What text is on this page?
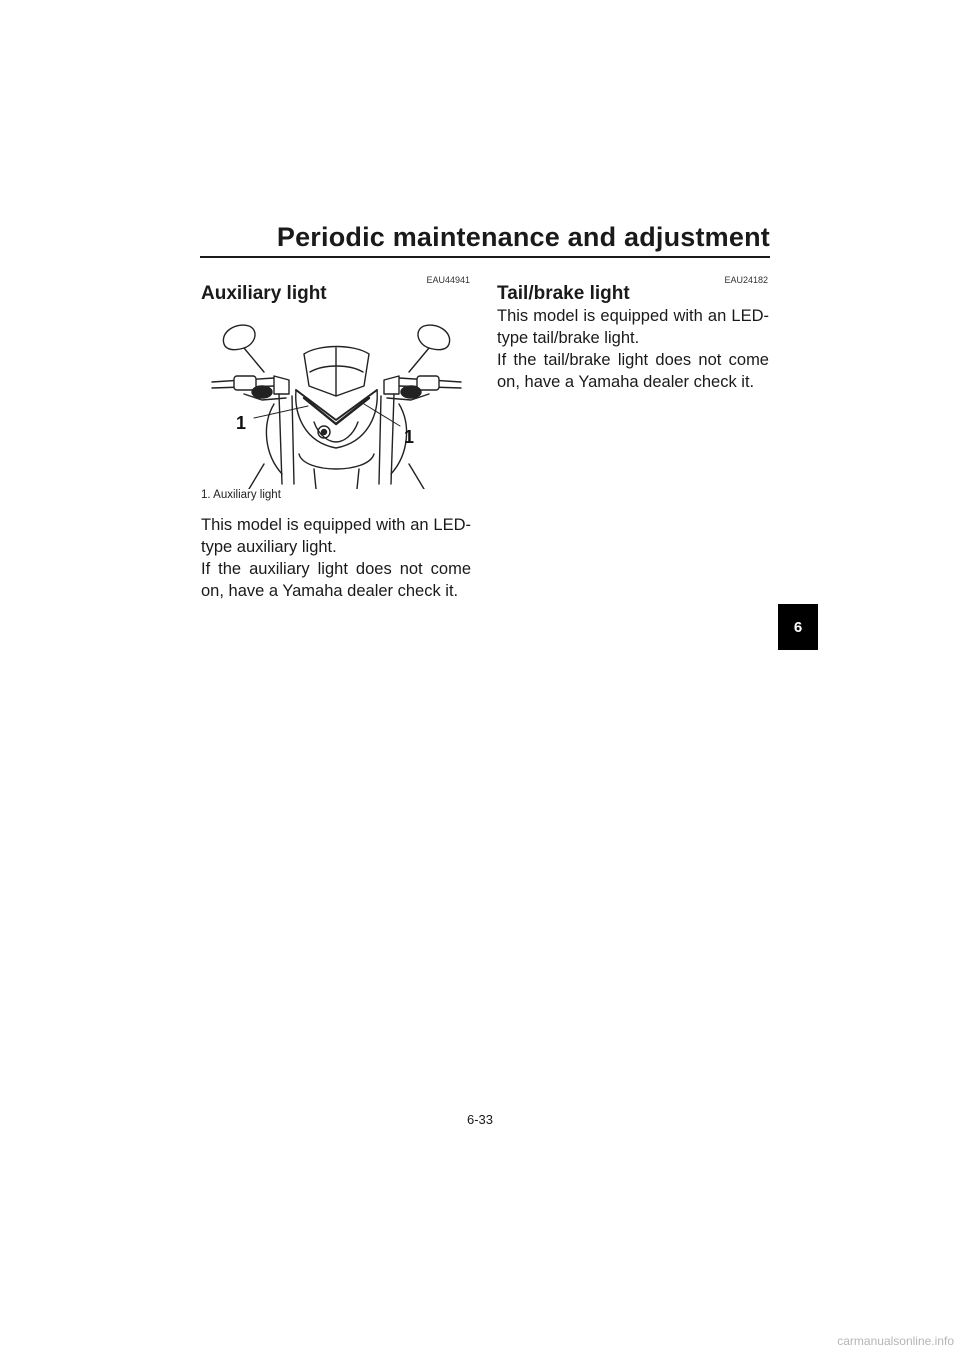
Periodic maintenance and adjustment
EAU44941
Auxiliary light
1
1

1. Auxiliary light

This model is equipped with an LED-type auxiliary light.

If the auxiliary light does not come on, have a Yamaha dealer check it.

EAU24182
Tail/brake light

This model is equipped with an LED-type tail/brake light.

If the tail/brake light does not come on, have a Yamaha dealer check it.

6
6-33
carmanualsonline.info
